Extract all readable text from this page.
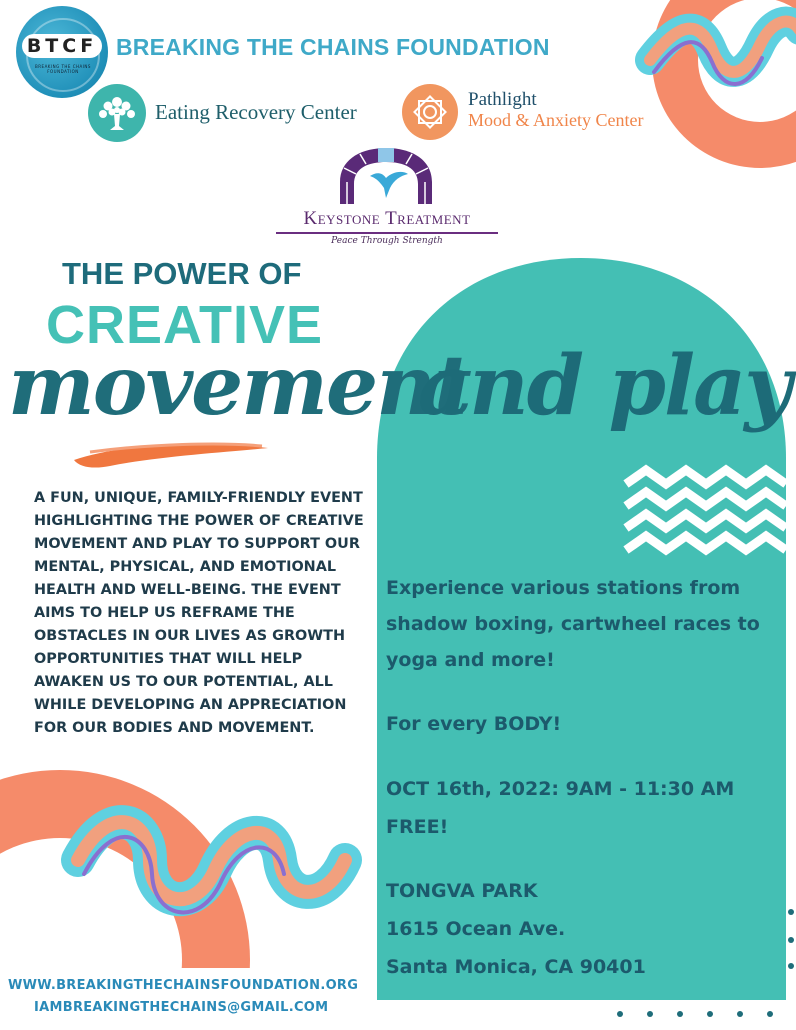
BTCF
BREAKING THE CHAINS FOUNDATION
BREAKING THE CHAINS FOUNDATION
Eating Recovery Center
Pathlight
Mood & Anxiety Center
Keystone Treatment
Peace Through Strength
THE POWER OF
CREATIVE
movement
and play
A FUN, UNIQUE, FAMILY-FRIENDLY EVENT HIGHLIGHTING THE POWER OF CREATIVE MOVEMENT AND PLAY TO SUPPORT OUR MENTAL, PHYSICAL, AND EMOTIONAL HEALTH AND WELL-BEING. THE EVENT AIMS TO HELP US REFRAME THE OBSTACLES IN OUR LIVES AS GROWTH OPPORTUNITIES THAT WILL HELP AWAKEN US TO OUR POTENTIAL, ALL WHILE DEVELOPING AN APPRECIATION FOR OUR BODIES AND MOVEMENT.
Experience various stations from shadow boxing, cartwheel races to yoga and more!
For every BODY!
OCT 16th, 2022: 9AM - 11:30 AM
FREE!
TONGVA PARK
1615 Ocean Ave.
Santa Monica, CA 90401
WWW.BREAKINGTHECHAINSFOUNDATION.ORG
IAMBREAKINGTHECHAINS@GMAIL.COM
